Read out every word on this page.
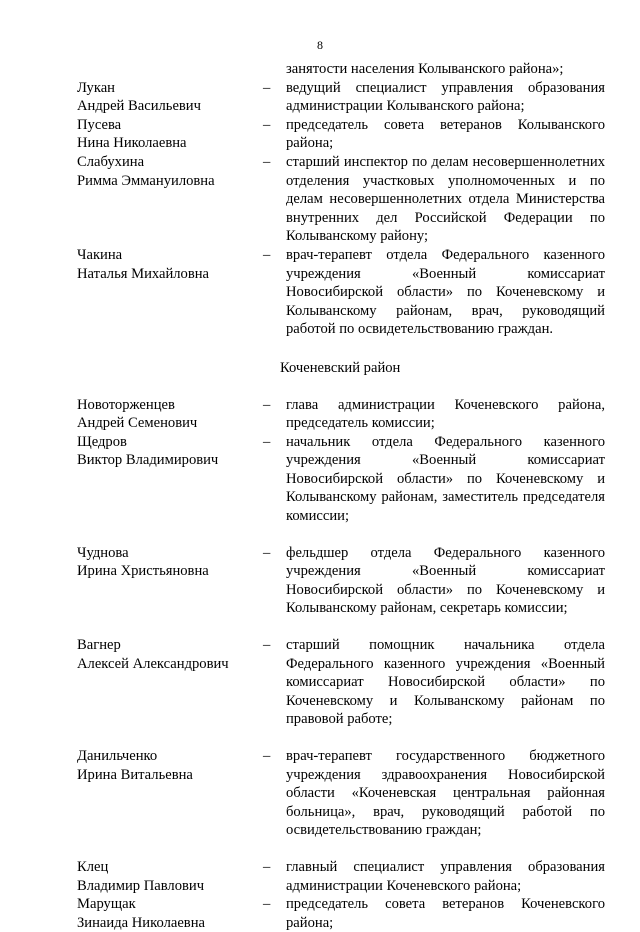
8
занятости населения Колыванского района»;
Лукан
Андрей Васильевич
–	ведущий специалист управления образования администрации Колыванского района;
Пусева
Нина Николаевна
–	председатель совета ветеранов Колыванского района;
Слабухина
Римма Эммануиловна
–	старший инспектор по делам несовершеннолетних отделения участковых уполномоченных и по делам несовершеннолетних отдела Министерства внутренних дел Российской Федерации по Колыванскому району;
Чакина
Наталья Михайловна
–	врач-терапевт отдела Федерального казенного учреждения «Военный комиссариат Новосибирской области» по Коченевскому и Колыванскому районам, врач, руководящий работой по освидетельствованию граждан.
Коченевский район
Новоторженцев
Андрей Семенович
–	глава администрации Коченевского района, председатель комиссии;
Щедров
Виктор Владимирович
–	начальник отдела Федерального казенного учреждения «Военный комиссариат Новосибирской области» по Коченевскому и Колыванскому районам, заместитель председателя комиссии;
Чуднова
Ирина Христьяновна
–	фельдшер отдела Федерального казенного учреждения «Военный комиссариат Новосибирской области» по Коченевскому и Колыванскому районам, секретарь комиссии;
Вагнер
Алексей Александрович
–	старший помощник начальника отдела Федерального казенного учреждения «Военный комиссариат Новосибирской области» по Коченевскому и Колыванскому районам по правовой работе;
Данильченко
Ирина Витальевна
–	врач-терапевт государственного бюджетного учреждения здравоохранения Новосибирской области «Коченевская центральная районная больница», врач, руководящий работой по освидетельствованию граждан;
Клец
Владимир Павлович
–	главный специалист управления образования администрации Коченевского района;
Марущак
Зинаида Николаевна
–	председатель совета ветеранов Коченевского района;
